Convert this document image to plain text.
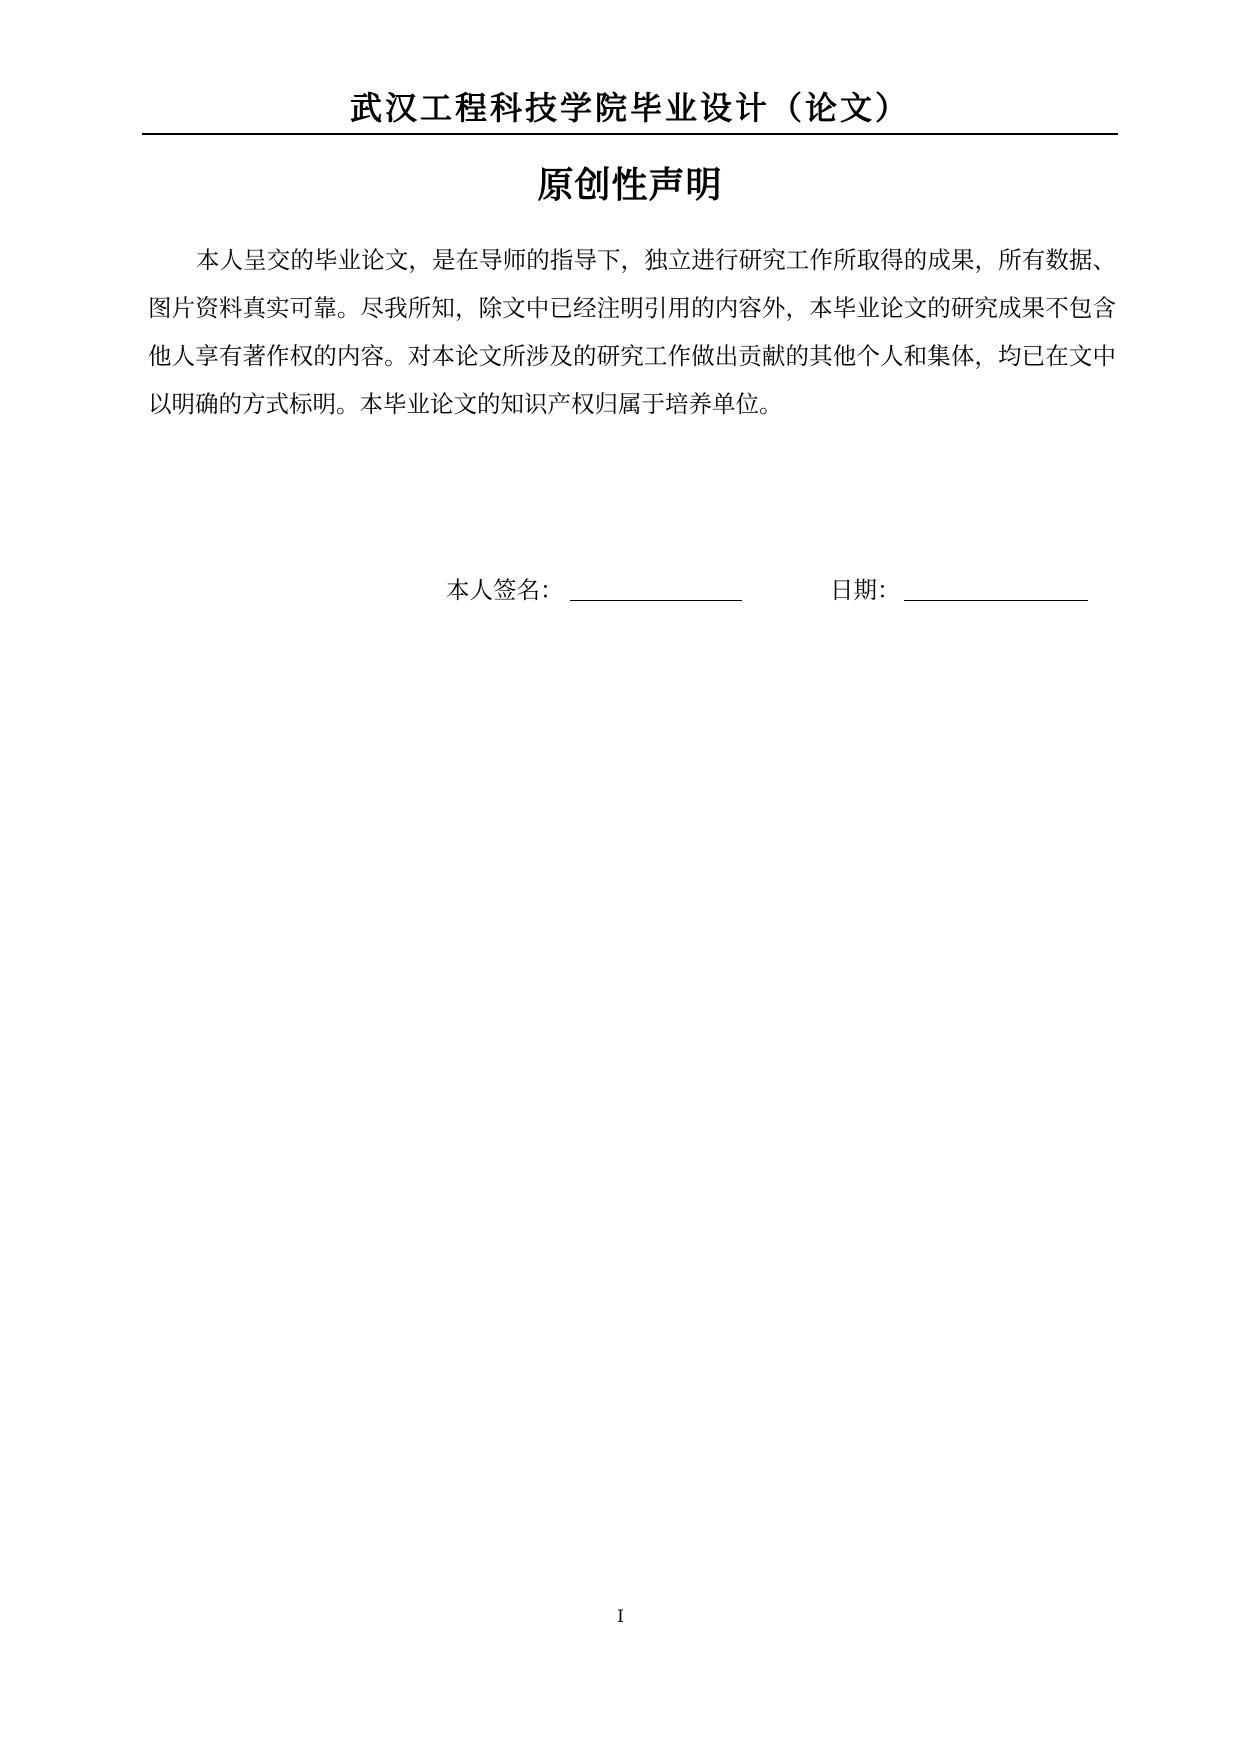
武汉工程科技学院毕业设计（论文）
原创性声明

本人呈交的毕业论文，是在导师的指导下，独立进行研究工作所取得的成果，所有数据、图片资料真实可靠。尽我所知，除文中已经注明引用的内容外，本毕业论文的研究成果不包含他人享有著作权的内容。对本论文所涉及的研究工作做出贡献的其他个人和集体，均已在文中以明确的方式标明。本毕业论文的知识产权归属于培养单位。

本人签名：	日期：
I
